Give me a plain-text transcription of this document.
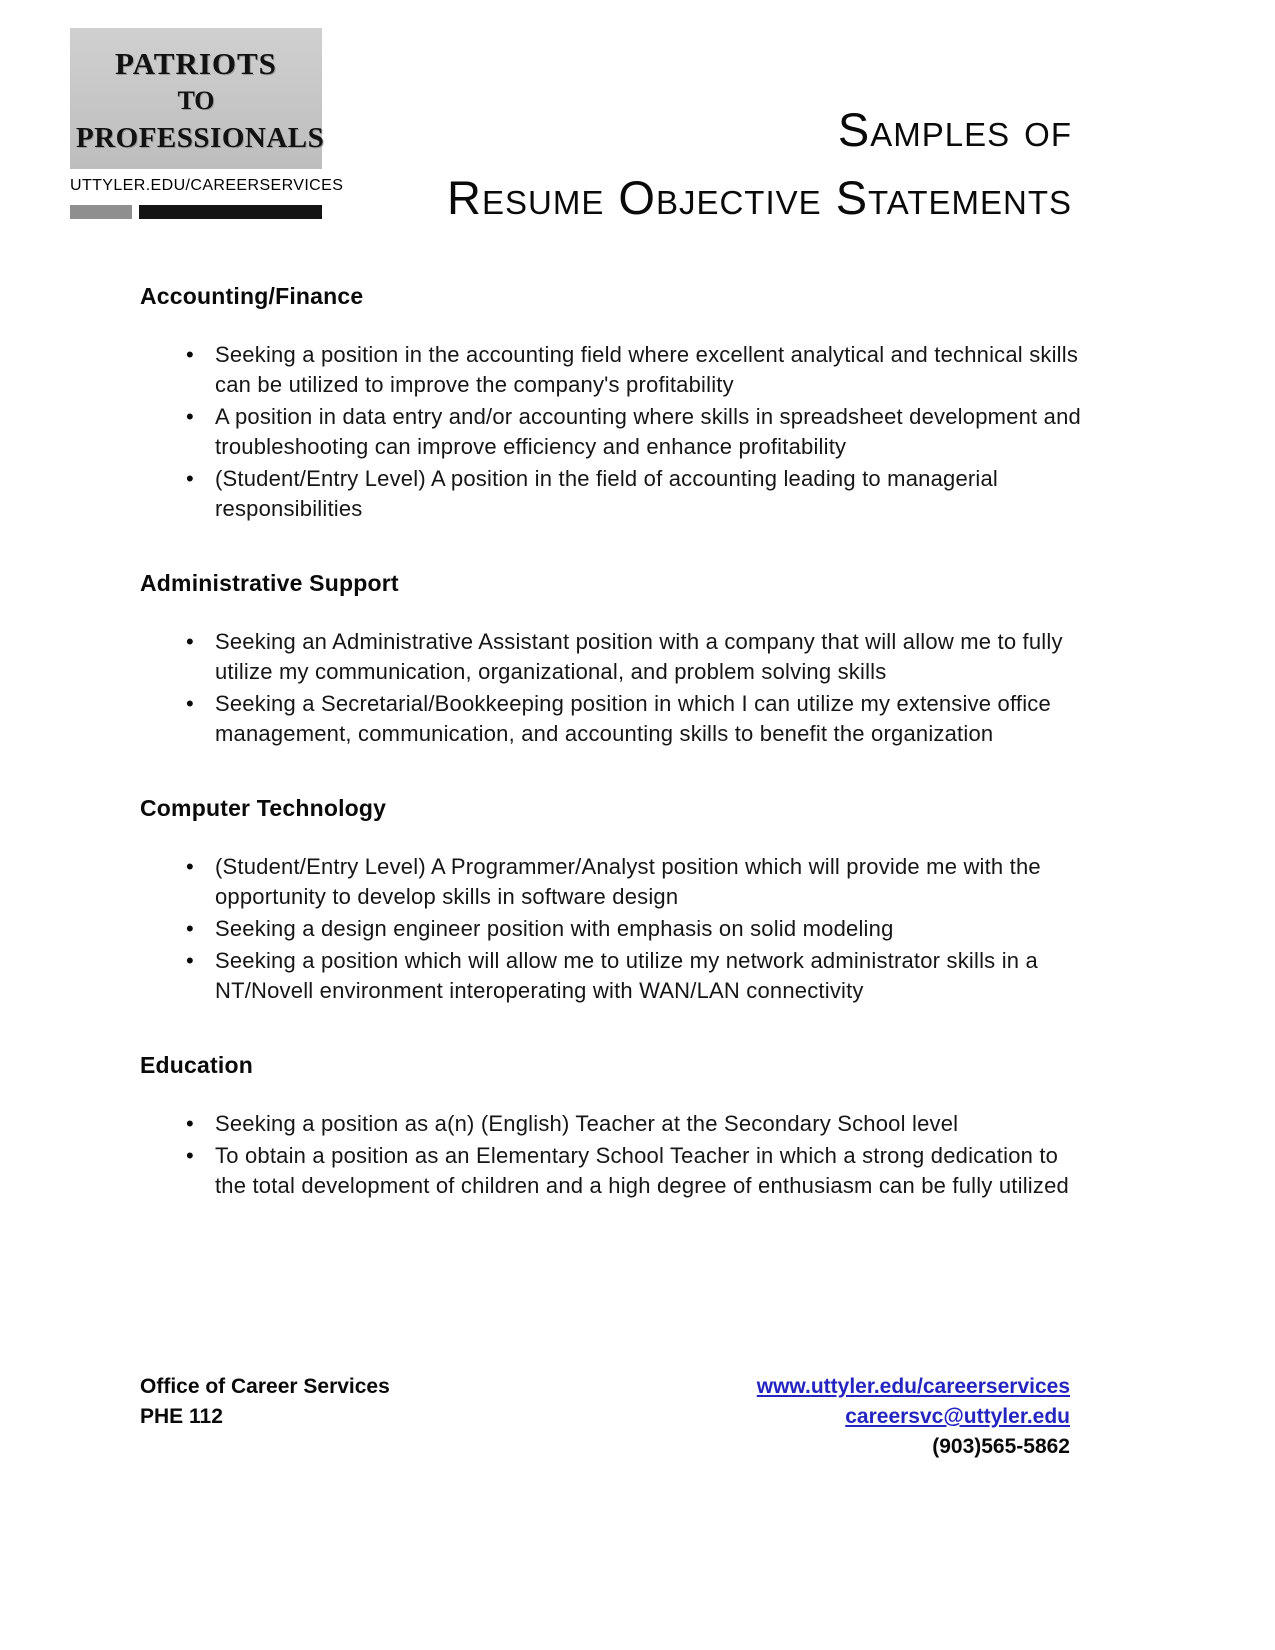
PATRIOTS
TO
PROFESSIONALS
UTTYLER.EDU/CAREERSERVICES
Samples of
Resume Objective Statements
Accounting/Finance
• Seeking a position in the accounting field where excellent analytical and technical skills can be utilized to improve the company's profitability
• A position in data entry and/or accounting where skills in spreadsheet development and troubleshooting can improve efficiency and enhance profitability
• (Student/Entry Level) A position in the field of accounting leading to managerial responsibilities
Administrative Support
• Seeking an Administrative Assistant position with a company that will allow me to fully utilize my communication, organizational, and problem solving skills
• Seeking a Secretarial/Bookkeeping position in which I can utilize my extensive office management, communication, and accounting skills to benefit the organization
Computer Technology
• (Student/Entry Level) A Programmer/Analyst position which will provide me with the opportunity to develop skills in software design
• Seeking a design engineer position with emphasis on solid modeling
• Seeking a position which will allow me to utilize my network administrator skills in a NT/Novell environment interoperating with WAN/LAN connectivity
Education
• Seeking a position as a(n) (English) Teacher at the Secondary School level
• To obtain a position as an Elementary School Teacher in which a strong dedication to the total development of children and a high degree of enthusiasm can be fully utilized
Office of Career Services
PHE 112
www.uttyler.edu/careerservices
careersvc@uttyler.edu
(903)565-5862
